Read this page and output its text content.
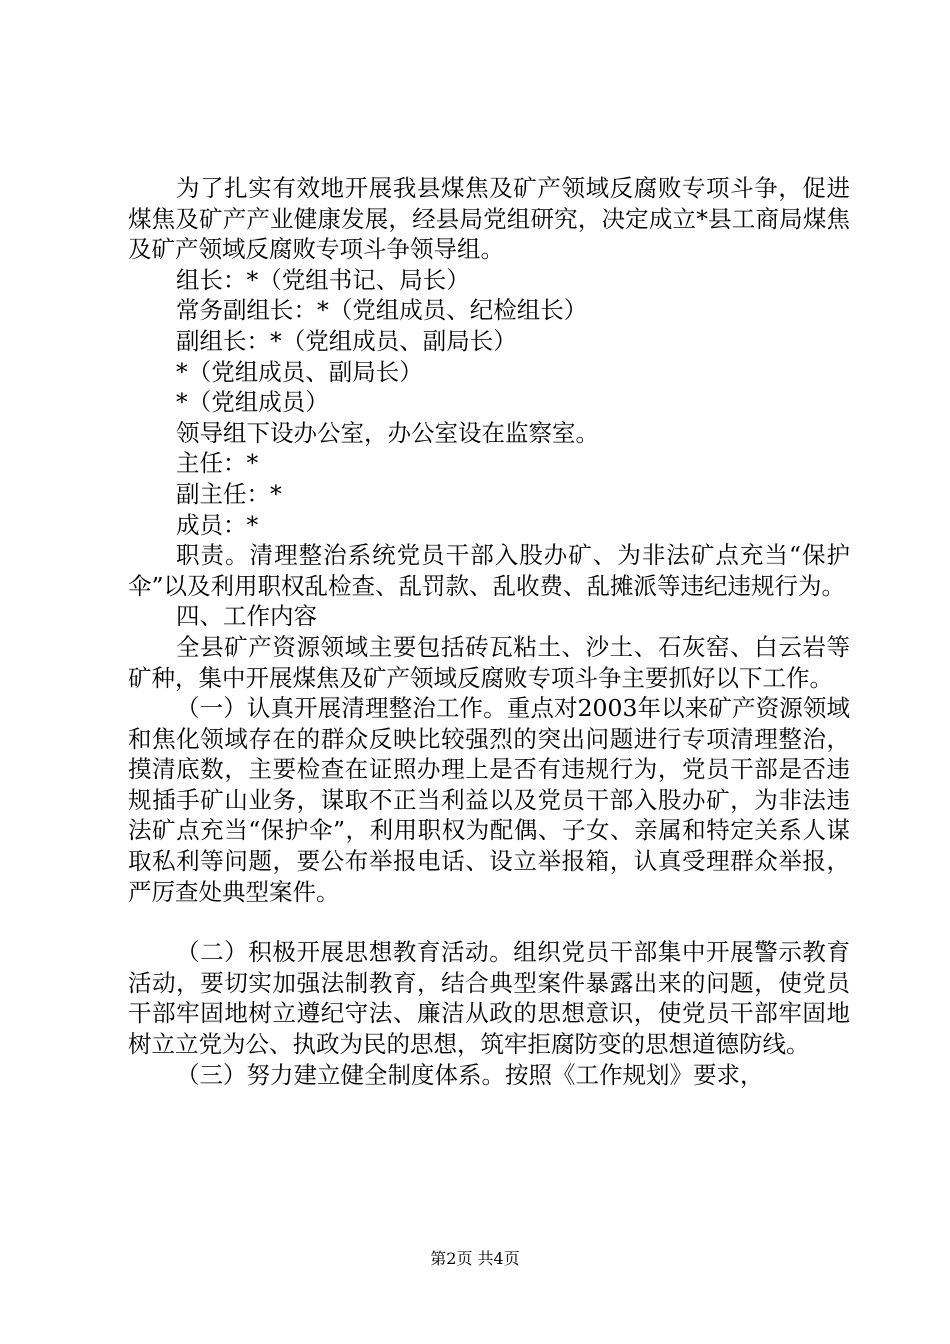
为了扎实有效地开展我县煤焦及矿产领域反腐败专项斗争，促进煤焦及矿产产业健康发展，经县局党组研究，决定成立*县工商局煤焦及矿产领域反腐败专项斗争领导组。

组长：*（党组书记、局长）

常务副组长：*（党组成员、纪检组长）

副组长：*（党组成员、副局长）

*（党组成员、副局长）

*（党组成员）

领导组下设办公室，办公室设在监察室。

主任：*

副主任：*

成员：*

职责。清理整治系统党员干部入股办矿、为非法矿点充当“保护伞”以及利用职权乱检查、乱罚款、乱收费、乱摊派等违纪违规行为。

四、工作内容

全县矿产资源领域主要包括砖瓦粘土、沙土、石灰窑、白云岩等矿种，集中开展煤焦及矿产领域反腐败专项斗争主要抓好以下工作。

（一）认真开展清理整治工作。重点对2003年以来矿产资源领域和焦化领域存在的群众反映比较强烈的突出问题进行专项清理整治，摸清底数，主要检查在证照办理上是否有违规行为，党员干部是否违规插手矿山业务，谋取不正当利益以及党员干部入股办矿，为非法违法矿点充当“保护伞”，利用职权为配偶、子女、亲属和特定关系人谋取私利等问题，要公布举报电话、设立举报箱，认真受理群众举报，严厉查处典型案件。

（二）积极开展思想教育活动。组织党员干部集中开展警示教育活动，要切实加强法制教育，结合典型案件暴露出来的问题，使党员干部牢固地树立遵纪守法、廉洁从政的思想意识，使党员干部牢固地树立立党为公、执政为民的思想，筑牢拒腐防变的思想道德防线。

（三）努力建立健全制度体系。按照《工作规划》要求，

第2页 共4页
